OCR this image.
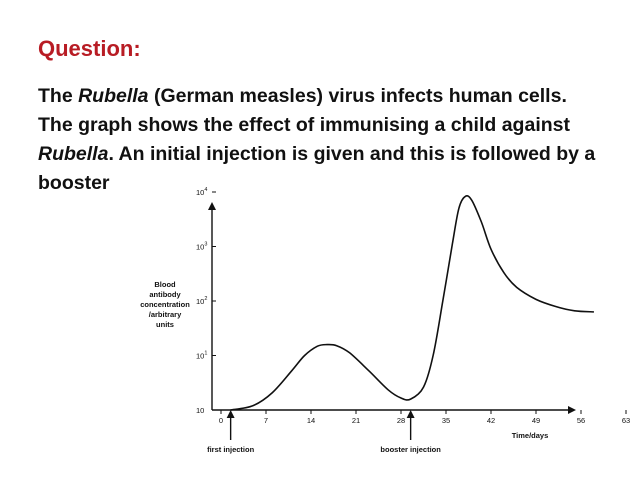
Question:

The Rubella (German measles) virus infects human cells. The graph shows the effect of immunising a child against Rubella. An initial injection is given and this is followed by a booster

Blood
antibody
concentration
/arbitrary
units
10
$10^1$
$10^2$
$10^3$
$10^4$
0	7	14	21	28	35	42	49	56	63
Time/days
first injection	booster injection
